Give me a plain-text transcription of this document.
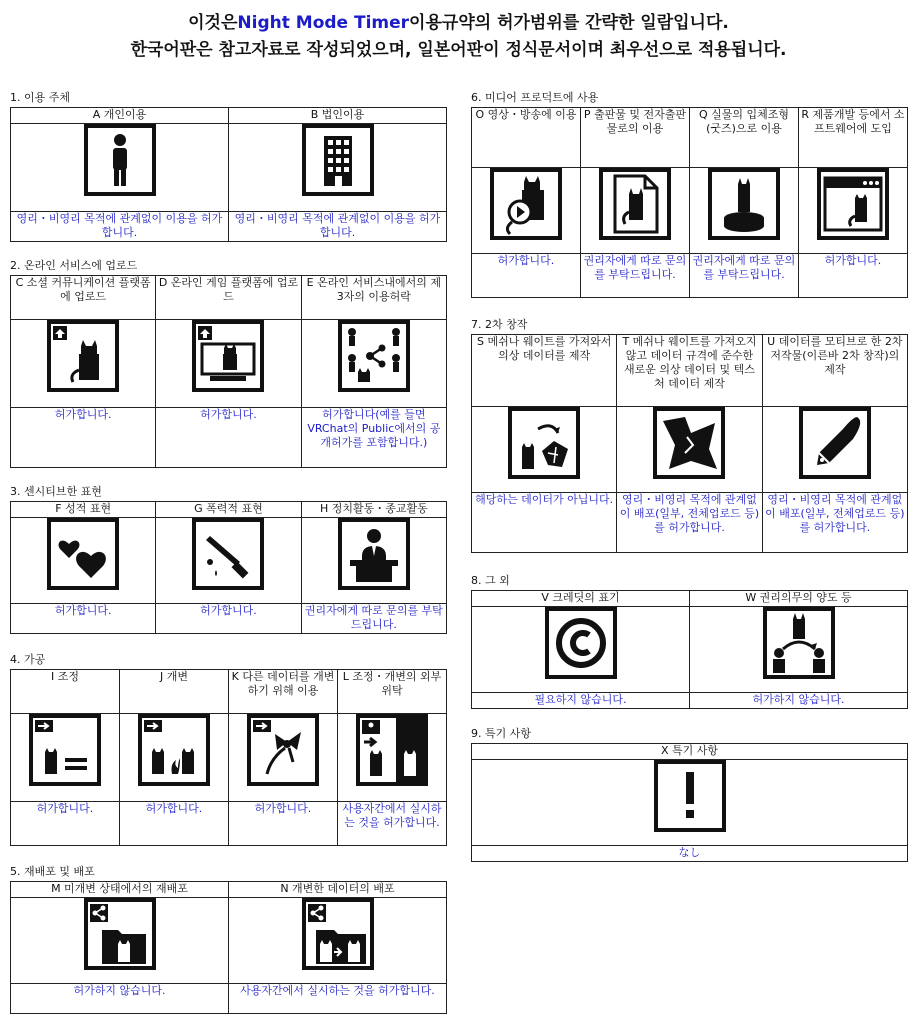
이것은Night Mode Timer이용규약의 허가범위를 간략한 일람입니다.
한국어판은 참고자료로 작성되었으며, 일본어판이 정식문서이며 최우선으로 적용됩니다.
1. 이용 주체
A 개인이용	B 법인이용

영리・비영리 목적에 관계없이 이용을 허가합니다.	영리・비영리 목적에 관계없이 이용을 허가합니다.
2. 온라인 서비스에 업로드
C 소셜 커뮤니케이션 플랫폼에 업로드	D 온라인 게임 플랫폼에 업로드	E 온라인 서비스내에서의 제 3자의 이용허락

허가합니다.	허가합니다.	허가합니다(예를 들면 VRChat의 Public에서의 공개허가를 포함합니다.)
3. 센시티브한 표현
F 성적 표현	G 폭력적 표현	H 정치활동・종교활동

허가합니다.	허가합니다.	권리자에게 따로 문의를 부탁드립니다.
4. 가공
I 조정	J 개변	K 다른 데이터를 개변하기 위해 이용	L 조정・개변의 외부위탁

허가합니다.	허가합니다.	허가합니다.	사용자간에서 실시하는 것을 허가합니다.
5. 재배포 및 배포
M 미개변 상태에서의 재배포	N 개변한 데이터의 배포

허가하지 않습니다.	사용자간에서 실시하는 것을 허가합니다.
6. 미디어 프로덕트에 사용
O 영상・방송에 이용	P 출판물 및 전자출판물로의 이용	Q 실물의 입체조형(굿즈)으로 이용	R 제품개발 등에서 소프트웨어에 도입

허가합니다.	권리자에게 따로 문의를 부탁드립니다.	권리자에게 따로 문의를 부탁드립니다.	허가합니다.
7. 2차 창작
S 메쉬나 웨이트를 가져와서 의상 데이터를 제작	T 메쉬나 웨이트를 가져오지 않고 데이터 규격에 준수한 새로운 의상 데이터 및 텍스처 데이터 제작	U 데이터를 모티브로 한 2차 저작물(이른바 2차 창작)의 제작

해당하는 데이터가 아닙니다.	영리・비영리 목적에 관계없이 배포(일부, 전체업로드 등)를 허가합니다.	영리・비영리 목적에 관계없이 배포(일부, 전체업로드 등)를 허가합니다.
8. 그 외
V 크레딧의 표기	W 권리의무의 양도 등

필요하지 않습니다.	허가하지 않습니다.
9. 특기 사항
X 특기 사항

なし
